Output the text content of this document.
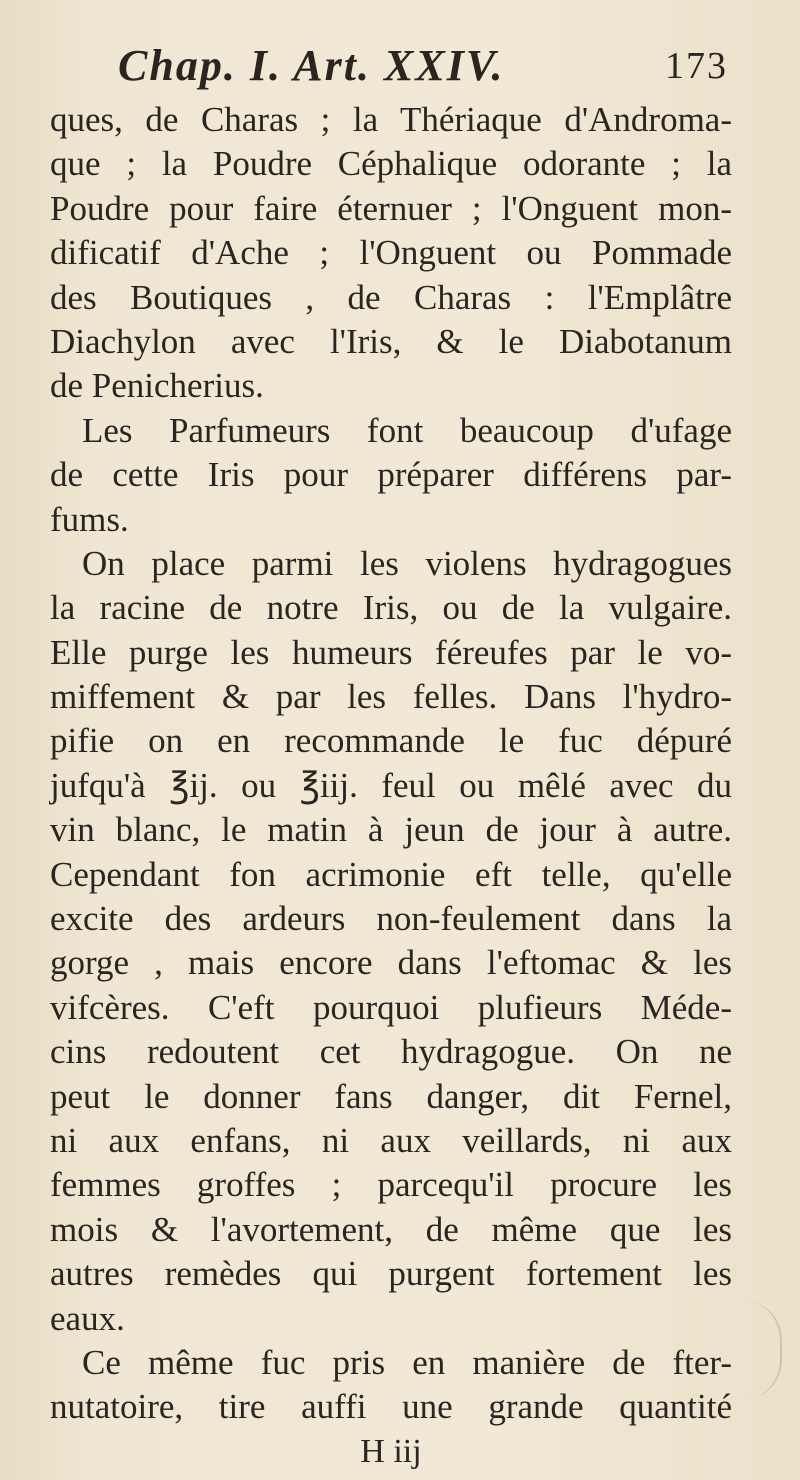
Chap. I. Art. XXIV.	173
ques, de Charas ; la Thériaque d'Androma-
que ; la Poudre Céphalique odorante ; la
Poudre pour faire éternuer ; l'Onguent mon-
dificatif d'Ache ; l'Onguent ou Pommade
des Boutiques , de Charas : l'Emplâtre
Diachylon avec l'Iris, & le Diabotanum
de Penicherius.
Les Parfumeurs font beaucoup d'ufage
de cette Iris pour préparer différens par-
fums.
On place parmi les violens hydragogues
la racine de notre Iris, ou de la vulgaire.
Elle purge les humeurs féreufes par le vo-
miffement & par les felles. Dans l'hydro-
pifie on en recommande le fuc dépuré
jufqu'à ℥ij. ou ℥iij. feul ou mêlé avec du
vin blanc, le matin à jeun de jour à autre.
Cependant fon acrimonie eft telle, qu'elle
excite des ardeurs non-feulement dans la
gorge , mais encore dans l'eftomac & les
vifcères. C'eft pourquoi plufieurs Méde-
cins redoutent cet hydragogue. On ne
peut le donner fans danger, dit Fernel,
ni aux enfans, ni aux veillards, ni aux
femmes groffes ; parcequ'il procure les
mois & l'avortement, de même que les
autres remèdes qui purgent fortement les
eaux.
Ce même fuc pris en manière de fter-
nutatoire, tire auffi une grande quantité
H iij
